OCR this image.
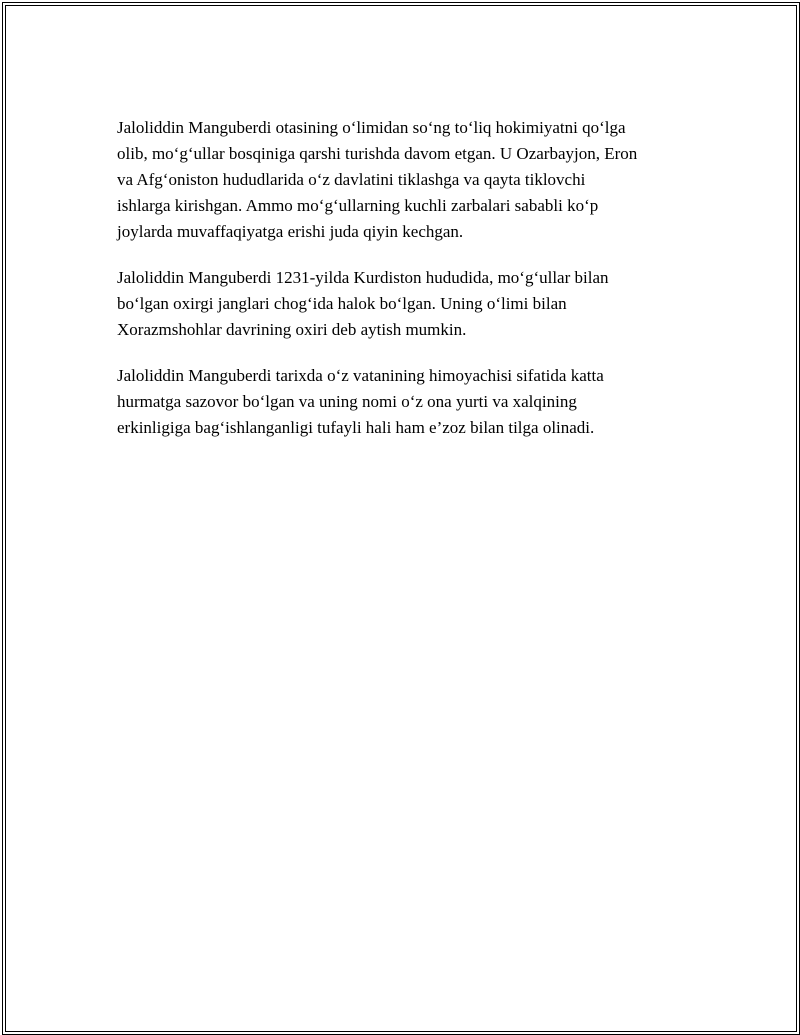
Jaloliddin Manguberdi otasining o‘limidan so‘ng to‘liq hokimiyatni qo‘lga
olib, mo‘g‘ullar bosqiniga qarshi turishda davom etgan. U Ozarbayjon, Eron
va Afg‘oniston hududlarida o‘z davlatini tiklashga va qayta tiklovchi
ishlarga kirishgan. Ammo mo‘g‘ullarning kuchli zarbalari sababli ko‘p
joylarda muvaffaqiyatga erishi juda qiyin kechgan.

Jaloliddin Manguberdi 1231-yilda Kurdiston hududida, mo‘g‘ullar bilan
bo‘lgan oxirgi janglari chog‘ida halok bo‘lgan. Uning o‘limi bilan
Xorazmshohlar davrining oxiri deb aytish mumkin.

Jaloliddin Manguberdi tarixda o‘z vatanining himoyachisi sifatida katta
hurmatga sazovor bo‘lgan va uning nomi o‘z ona yurti va xalqining
erkinligiga bag‘ishlanganligi tufayli hali ham e’zoz bilan tilga olinadi.
